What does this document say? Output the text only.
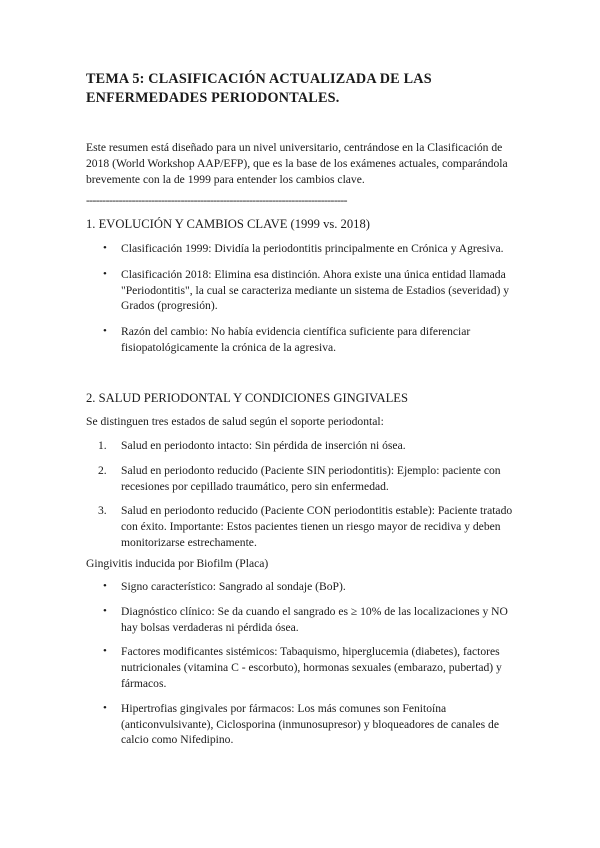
TEMA 5: CLASIFICACIÓN ACTUALIZADA DE LAS ENFERMEDADES PERIODONTALES.

Este resumen está diseñado para un nivel universitario, centrándose en la Clasificación de 2018 (World Workshop AAP/EFP), que es la base de los exámenes actuales, comparándola brevemente con la de 1999 para entender los cambios clave.

--------------------------------------------------------------------------------
1. EVOLUCIÓN Y CAMBIOS CLAVE (1999 vs. 2018)
• Clasificación 1999: Dividía la periodontitis principalmente en Crónica y Agresiva.
• Clasificación 2018: Elimina esa distinción. Ahora existe una única entidad llamada "Periodontitis", la cual se caracteriza mediante un sistema de Estadios (severidad) y Grados (progresión).
• Razón del cambio: No había evidencia científica suficiente para diferenciar fisiopatológicamente la crónica de la agresiva.
2. SALUD PERIODONTAL Y CONDICIONES GINGIVALES

Se distinguen tres estados de salud según el soporte periodontal:

1. Salud en periodonto intacto: Sin pérdida de inserción ni ósea.
2. Salud en periodonto reducido (Paciente SIN periodontitis): Ejemplo: paciente con recesiones por cepillado traumático, pero sin enfermedad.
3. Salud en periodonto reducido (Paciente CON periodontitis estable): Paciente tratado con éxito. Importante: Estos pacientes tienen un riesgo mayor de recidiva y deben monitorizarse estrechamente.

Gingivitis inducida por Biofilm (Placa)

• Signo característico: Sangrado al sondaje (BoP).
• Diagnóstico clínico: Se da cuando el sangrado es ≥ 10% de las localizaciones y NO hay bolsas verdaderas ni pérdida ósea.
• Factores modificantes sistémicos: Tabaquismo, hiperglucemia (diabetes), factores nutricionales (vitamina C - escorbuto), hormonas sexuales (embarazo, pubertad) y fármacos.
• Hipertrofias gingivales por fármacos: Los más comunes son Fenitoína (anticonvulsivante), Ciclosporina (inmunosupresor) y bloqueadores de canales de calcio como Nifedipino.
